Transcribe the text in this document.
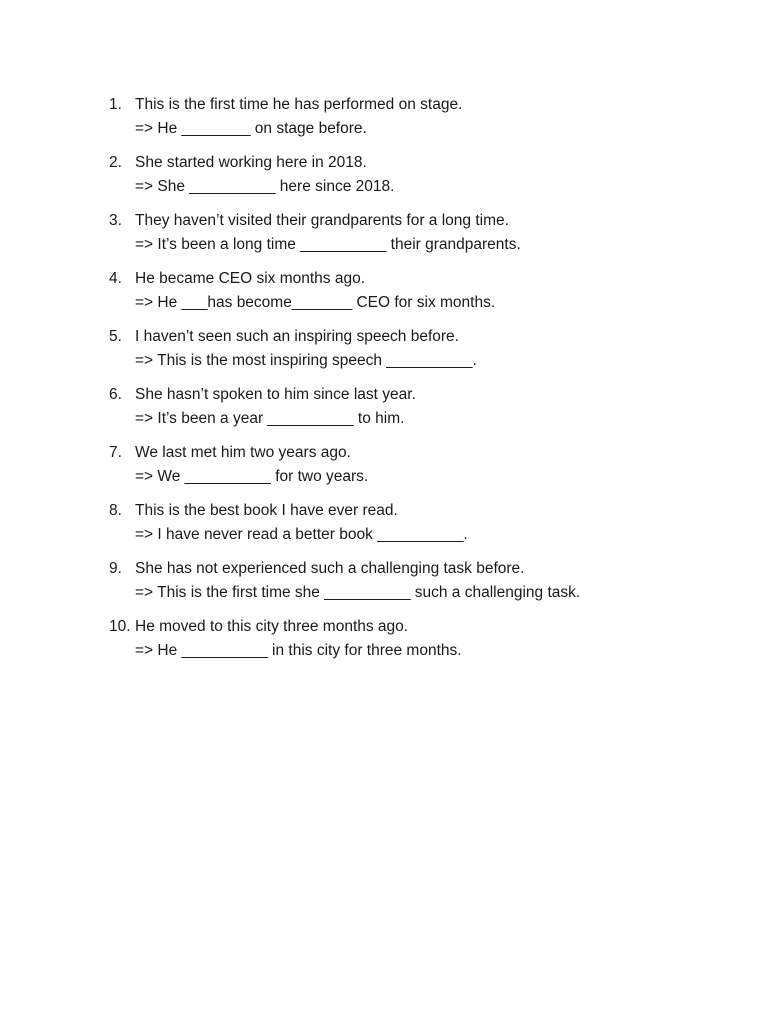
1. This is the first time he has performed on stage.
=> He ________ on stage before.
2. She started working here in 2018.
=> She __________ here since 2018.
3. They haven’t visited their grandparents for a long time.
=> It’s been a long time __________ their grandparents.
4. He became CEO six months ago.
=> He ___has become_______ CEO for six months.
5. I haven’t seen such an inspiring speech before.
=> This is the most inspiring speech __________.
6. She hasn’t spoken to him since last year.
=> It’s been a year __________ to him.
7. We last met him two years ago.
=> We __________ for two years.
8. This is the best book I have ever read.
=> I have never read a better book __________.
9. She has not experienced such a challenging task before.
=> This is the first time she __________ such a challenging task.
10. He moved to this city three months ago.
=> He __________ in this city for three months.
